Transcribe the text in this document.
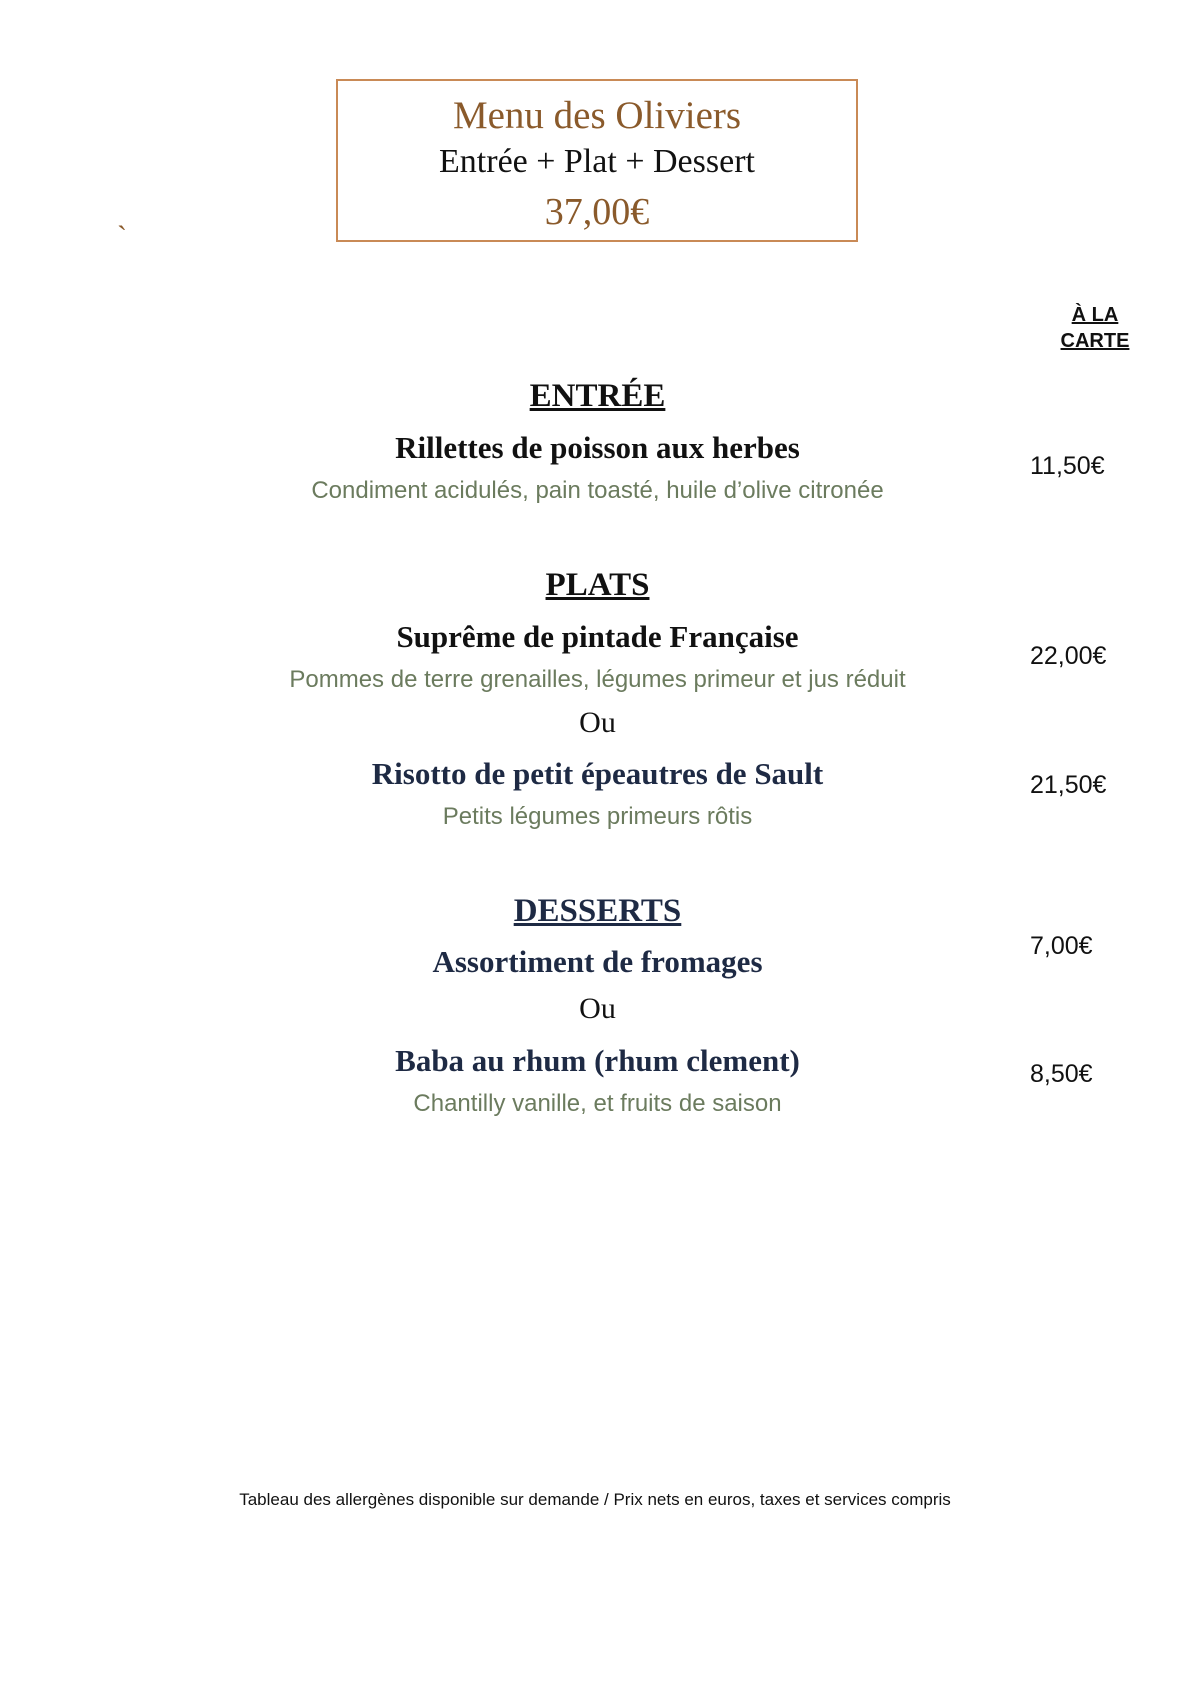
Menu des Oliviers
Entrée + Plat + Dessert
37,00€
`
À LA
CARTE
ENTRÉE
Rillettes de poisson aux herbes
Condiment acidulés, pain toasté, huile d’olive citronée
11,50€
PLATS
Suprême de pintade Française
Pommes de terre grenailles, légumes primeur et jus réduit
22,00€
Ou
Risotto de petit épeautres de Sault
Petits légumes primeurs rôtis
21,50€
DESSERTS
Assortiment de fromages	7,00€
Ou
Baba au rhum (rhum clement)
Chantilly vanille, et fruits de saison
8,50€
Tableau des allergènes disponible sur demande / Prix nets en euros, taxes et services compris
